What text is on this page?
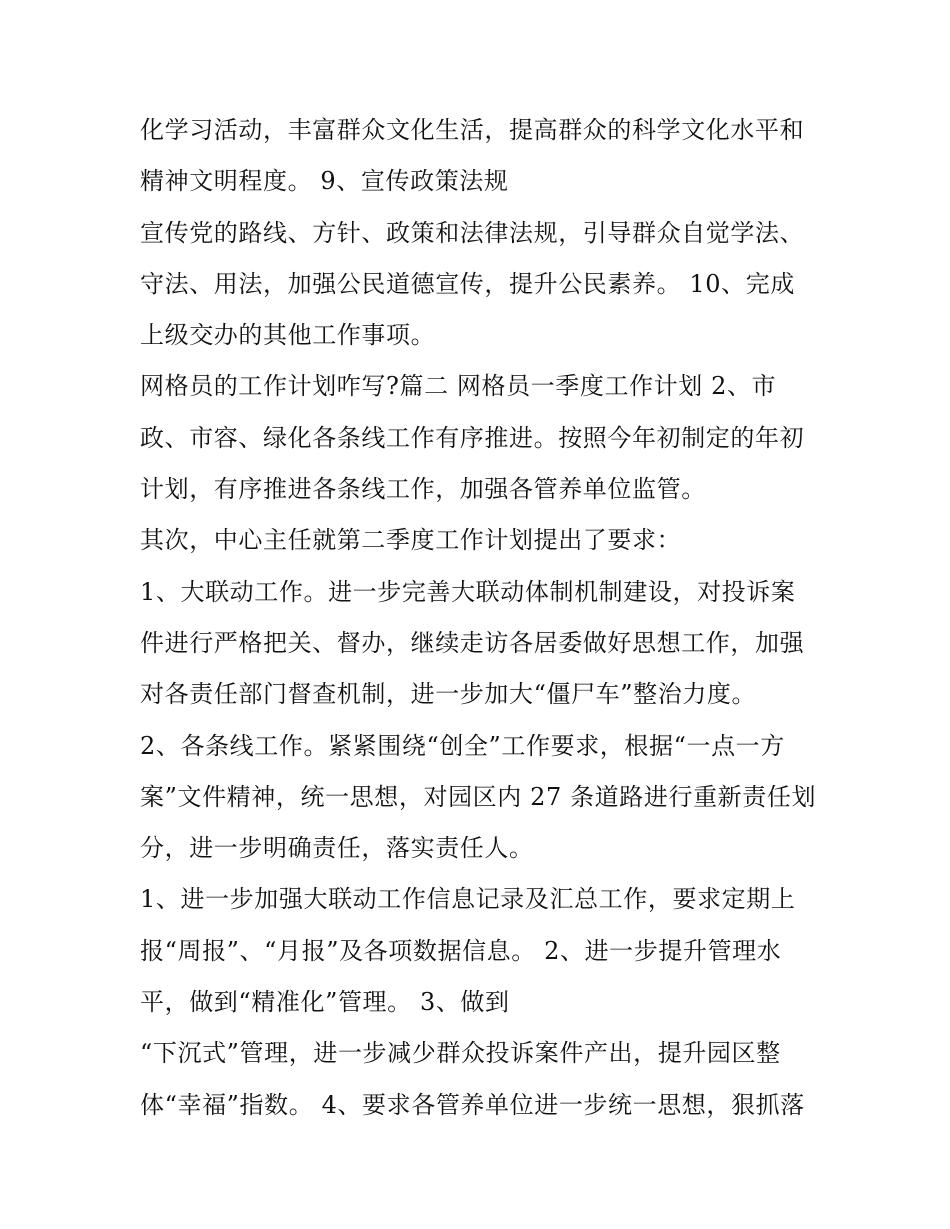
化学习活动，丰富群众文化生活，提高群众的科学文化水平和
精神文明程度。 9、宣传政策法规
宣传党的路线、方针、政策和法律法规，引导群众自觉学法、
守法、用法，加强公民道德宣传，提升公民素养。 10、完成
上级交办的其他工作事项。
网格员的工作计划咋写?篇二 网格员一季度工作计划 2、市
政、市容、绿化各条线工作有序推进。按照今年初制定的年初
计划，有序推进各条线工作，加强各管养单位监管。
其次，中心主任就第二季度工作计划提出了要求：
1、大联动工作。进一步完善大联动体制机制建设，对投诉案
件进行严格把关、督办，继续走访各居委做好思想工作，加强
对各责任部门督查机制，进一步加大“僵尸车”整治力度。
2、各条线工作。紧紧围绕“创全”工作要求，根据“一点一方
案”文件精神，统一思想，对园区内 27 条道路进行重新责任划
分，进一步明确责任，落实责任人。
1、进一步加强大联动工作信息记录及汇总工作，要求定期上
报“周报”、“月报”及各项数据信息。 2、进一步提升管理水
平，做到“精准化”管理。 3、做到
“下沉式”管理，进一步减少群众投诉案件产出，提升园区整
体“幸福”指数。 4、要求各管养单位进一步统一思想，狠抓落
